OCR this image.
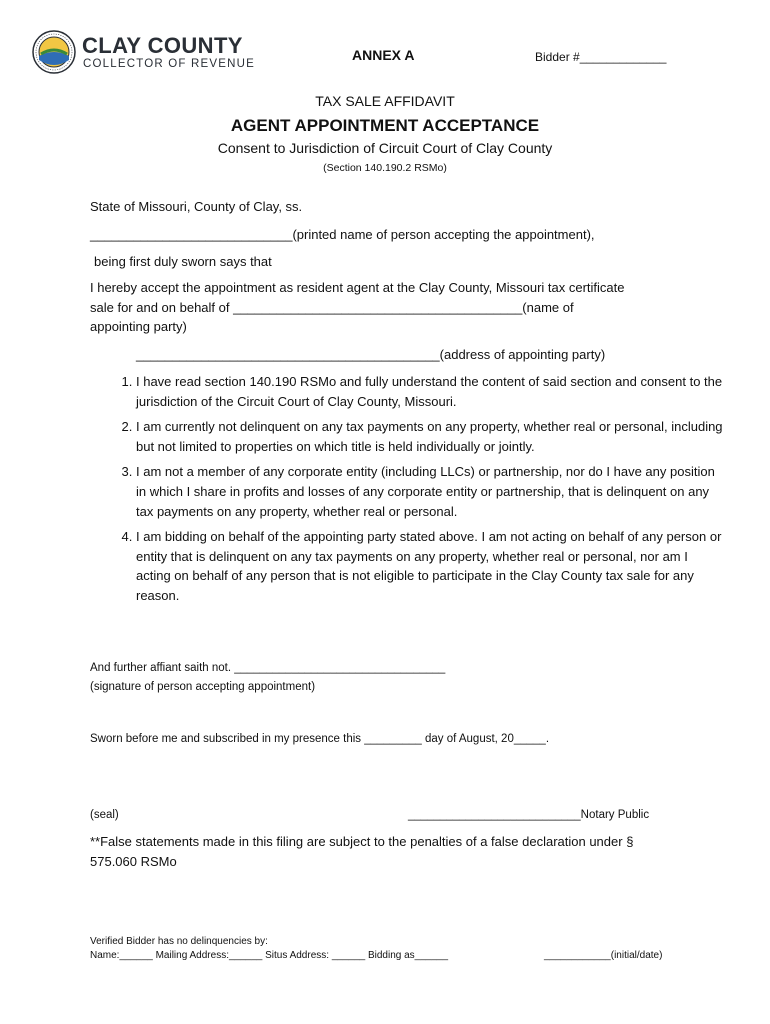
CLAY COUNTY
COLLECTOR OF REVENUE
ANNEX A	Bidder #_____________
TAX SALE AFFIDAVIT
AGENT APPOINTMENT ACCEPTANCE
Consent to Jurisdiction of Circuit Court of Clay County
(Section 140.190.2 RSMo)
State of Missouri, County of Clay, ss.
____________________________(printed name of person accepting the appointment),
being first duly sworn says that
I hereby accept the appointment as resident agent at the Clay County, Missouri tax certificate
sale for and on behalf of ________________________________________(name of
appointing party)
__________________________________________(address of appointing party)
1. I have read section 140.190 RSMo and fully understand the content of said section and consent to the jurisdiction of the Circuit Court of Clay County, Missouri.
2. I am currently not delinquent on any tax payments on any property, whether real or personal, including but not limited to properties on which title is held individually or jointly.
3. I am not a member of any corporate entity (including LLCs) or partnership, nor do I have any position in which I share in profits and losses of any corporate entity or partnership, that is delinquent on any tax payments on any property, whether real or personal.
4. I am bidding on behalf of the appointing party stated above. I am not acting on behalf of any person or entity that is delinquent on any tax payments on any property, whether real or personal, nor am I acting on behalf of any person that is not eligible to participate in the Clay County tax sale for any reason.
And further affiant saith not. _________________________________
(signature of person accepting appointment)
Sworn before me and subscribed in my presence this _________ day of August, 20_____.
(seal)	___________________________Notary Public
**False statements made in this filing are subject to the penalties of a false declaration under §
575.060 RSMo
Verified Bidder has no delinquencies by:
Name:______ Mailing Address:______ Situs Address: ______ Bidding as______	____________(initial/date)
